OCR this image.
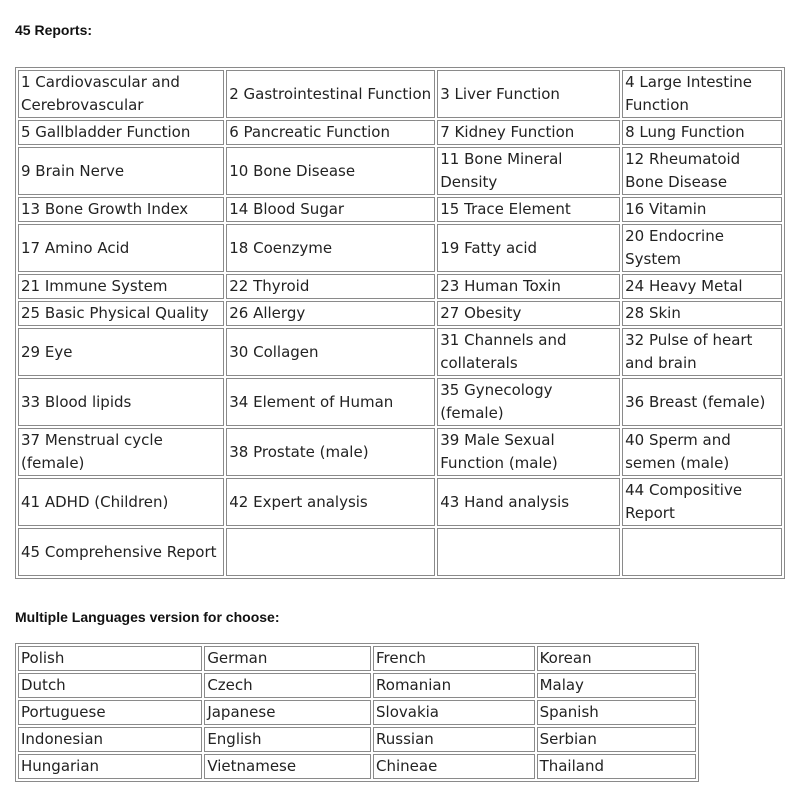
45 Reports:
1 Cardiovascular and Cerebrovascular	2 Gastrointestinal Function	3 Liver Function	4 Large Intestine Function
5 Gallbladder Function	6 Pancreatic Function	7 Kidney Function	8 Lung Function
9 Brain Nerve	10 Bone Disease	11 Bone Mineral Density	12 Rheumatoid Bone Disease
13 Bone Growth Index	14 Blood Sugar	15 Trace Element	16 Vitamin
17 Amino Acid	18 Coenzyme	19 Fatty acid	20 Endocrine System
21 Immune System	22 Thyroid	23 Human Toxin	24 Heavy Metal
25 Basic Physical Quality	26 Allergy	27 Obesity	28 Skin
29 Eye	30 Collagen	31 Channels and collaterals	32 Pulse of heart and brain
33 Blood lipids	34 Element of Human	35 Gynecology (female)	36 Breast (female)
37 Menstrual cycle (female)	38 Prostate (male)	39 Male Sexual Function (male)	40 Sperm and semen (male)
41 ADHD (Children)	42 Expert analysis	43 Hand analysis	44 Compositive Report
45 Comprehensive Report			
Multiple Languages version for choose:
Polish	German	French	Korean
Dutch	Czech	Romanian	Malay
Portuguese	Japanese	Slovakia	Spanish
Indonesian	English	Russian	Serbian
Hungarian	Vietnamese	Chineae	Thailand
